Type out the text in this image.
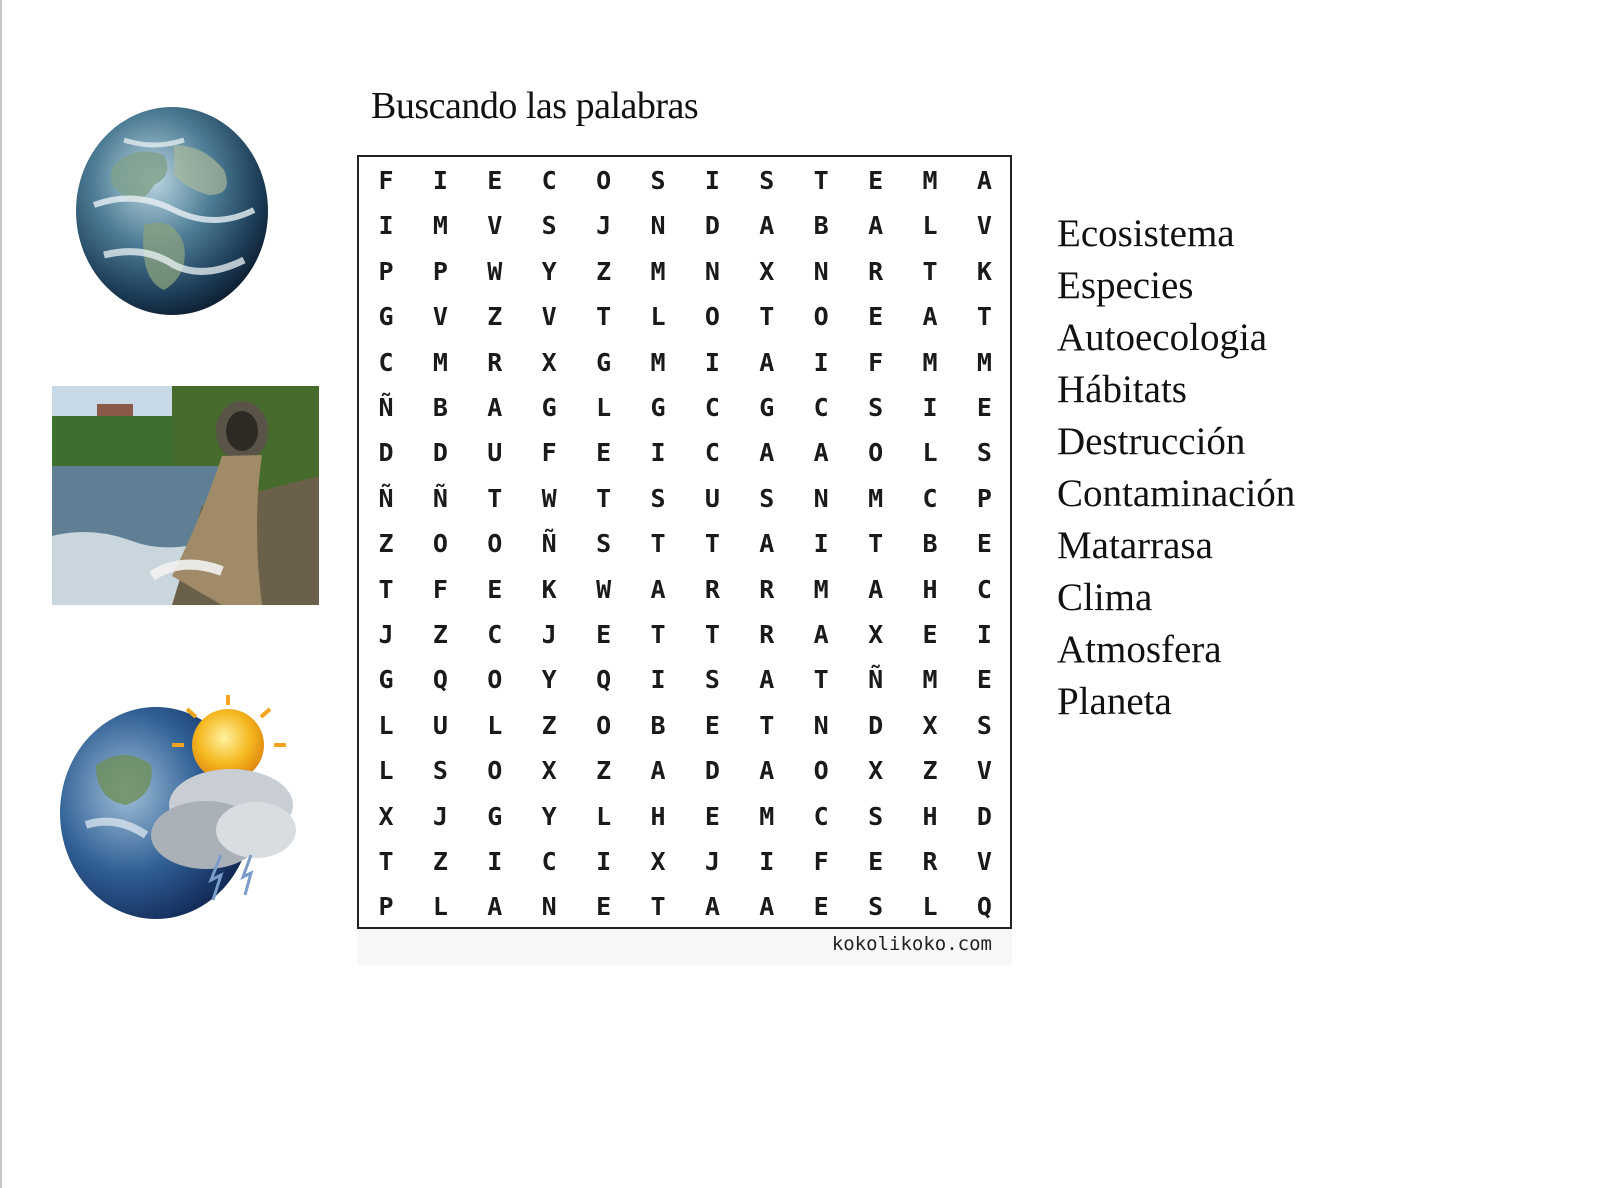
Buscando las palabras
F	I	E	C	O	S	I	S	T	E	M	A
I	M	V	S	J	N	D	A	B	A	L	V
P	P	W	Y	Z	M	N	X	N	R	T	K
G	V	Z	V	T	L	O	T	O	E	A	T
C	M	R	X	G	M	I	A	I	F	M	M
Ñ	B	A	G	L	G	C	G	C	S	I	E
D	D	U	F	E	I	C	A	A	O	L	S
Ñ	Ñ	T	W	T	S	U	S	N	M	C	P
Z	O	O	Ñ	S	T	T	A	I	T	B	E
T	F	E	K	W	A	R	R	M	A	H	C
J	Z	C	J	E	T	T	R	A	X	E	I
G	Q	O	Y	Q	I	S	A	T	Ñ	M	E
L	U	L	Z	O	B	E	T	N	D	X	S
L	S	O	X	Z	A	D	A	O	X	Z	V
X	J	G	Y	L	H	E	M	C	S	H	D
T	Z	I	C	I	X	J	I	F	E	R	V
P	L	A	N	E	T	A	A	E	S	L	Q
kokolikoko.com
Ecosistema
Especies
Autoecologia
Hábitats
Destrucción
Contaminación
Matarrasa
Clima
Atmosfera
Planeta
